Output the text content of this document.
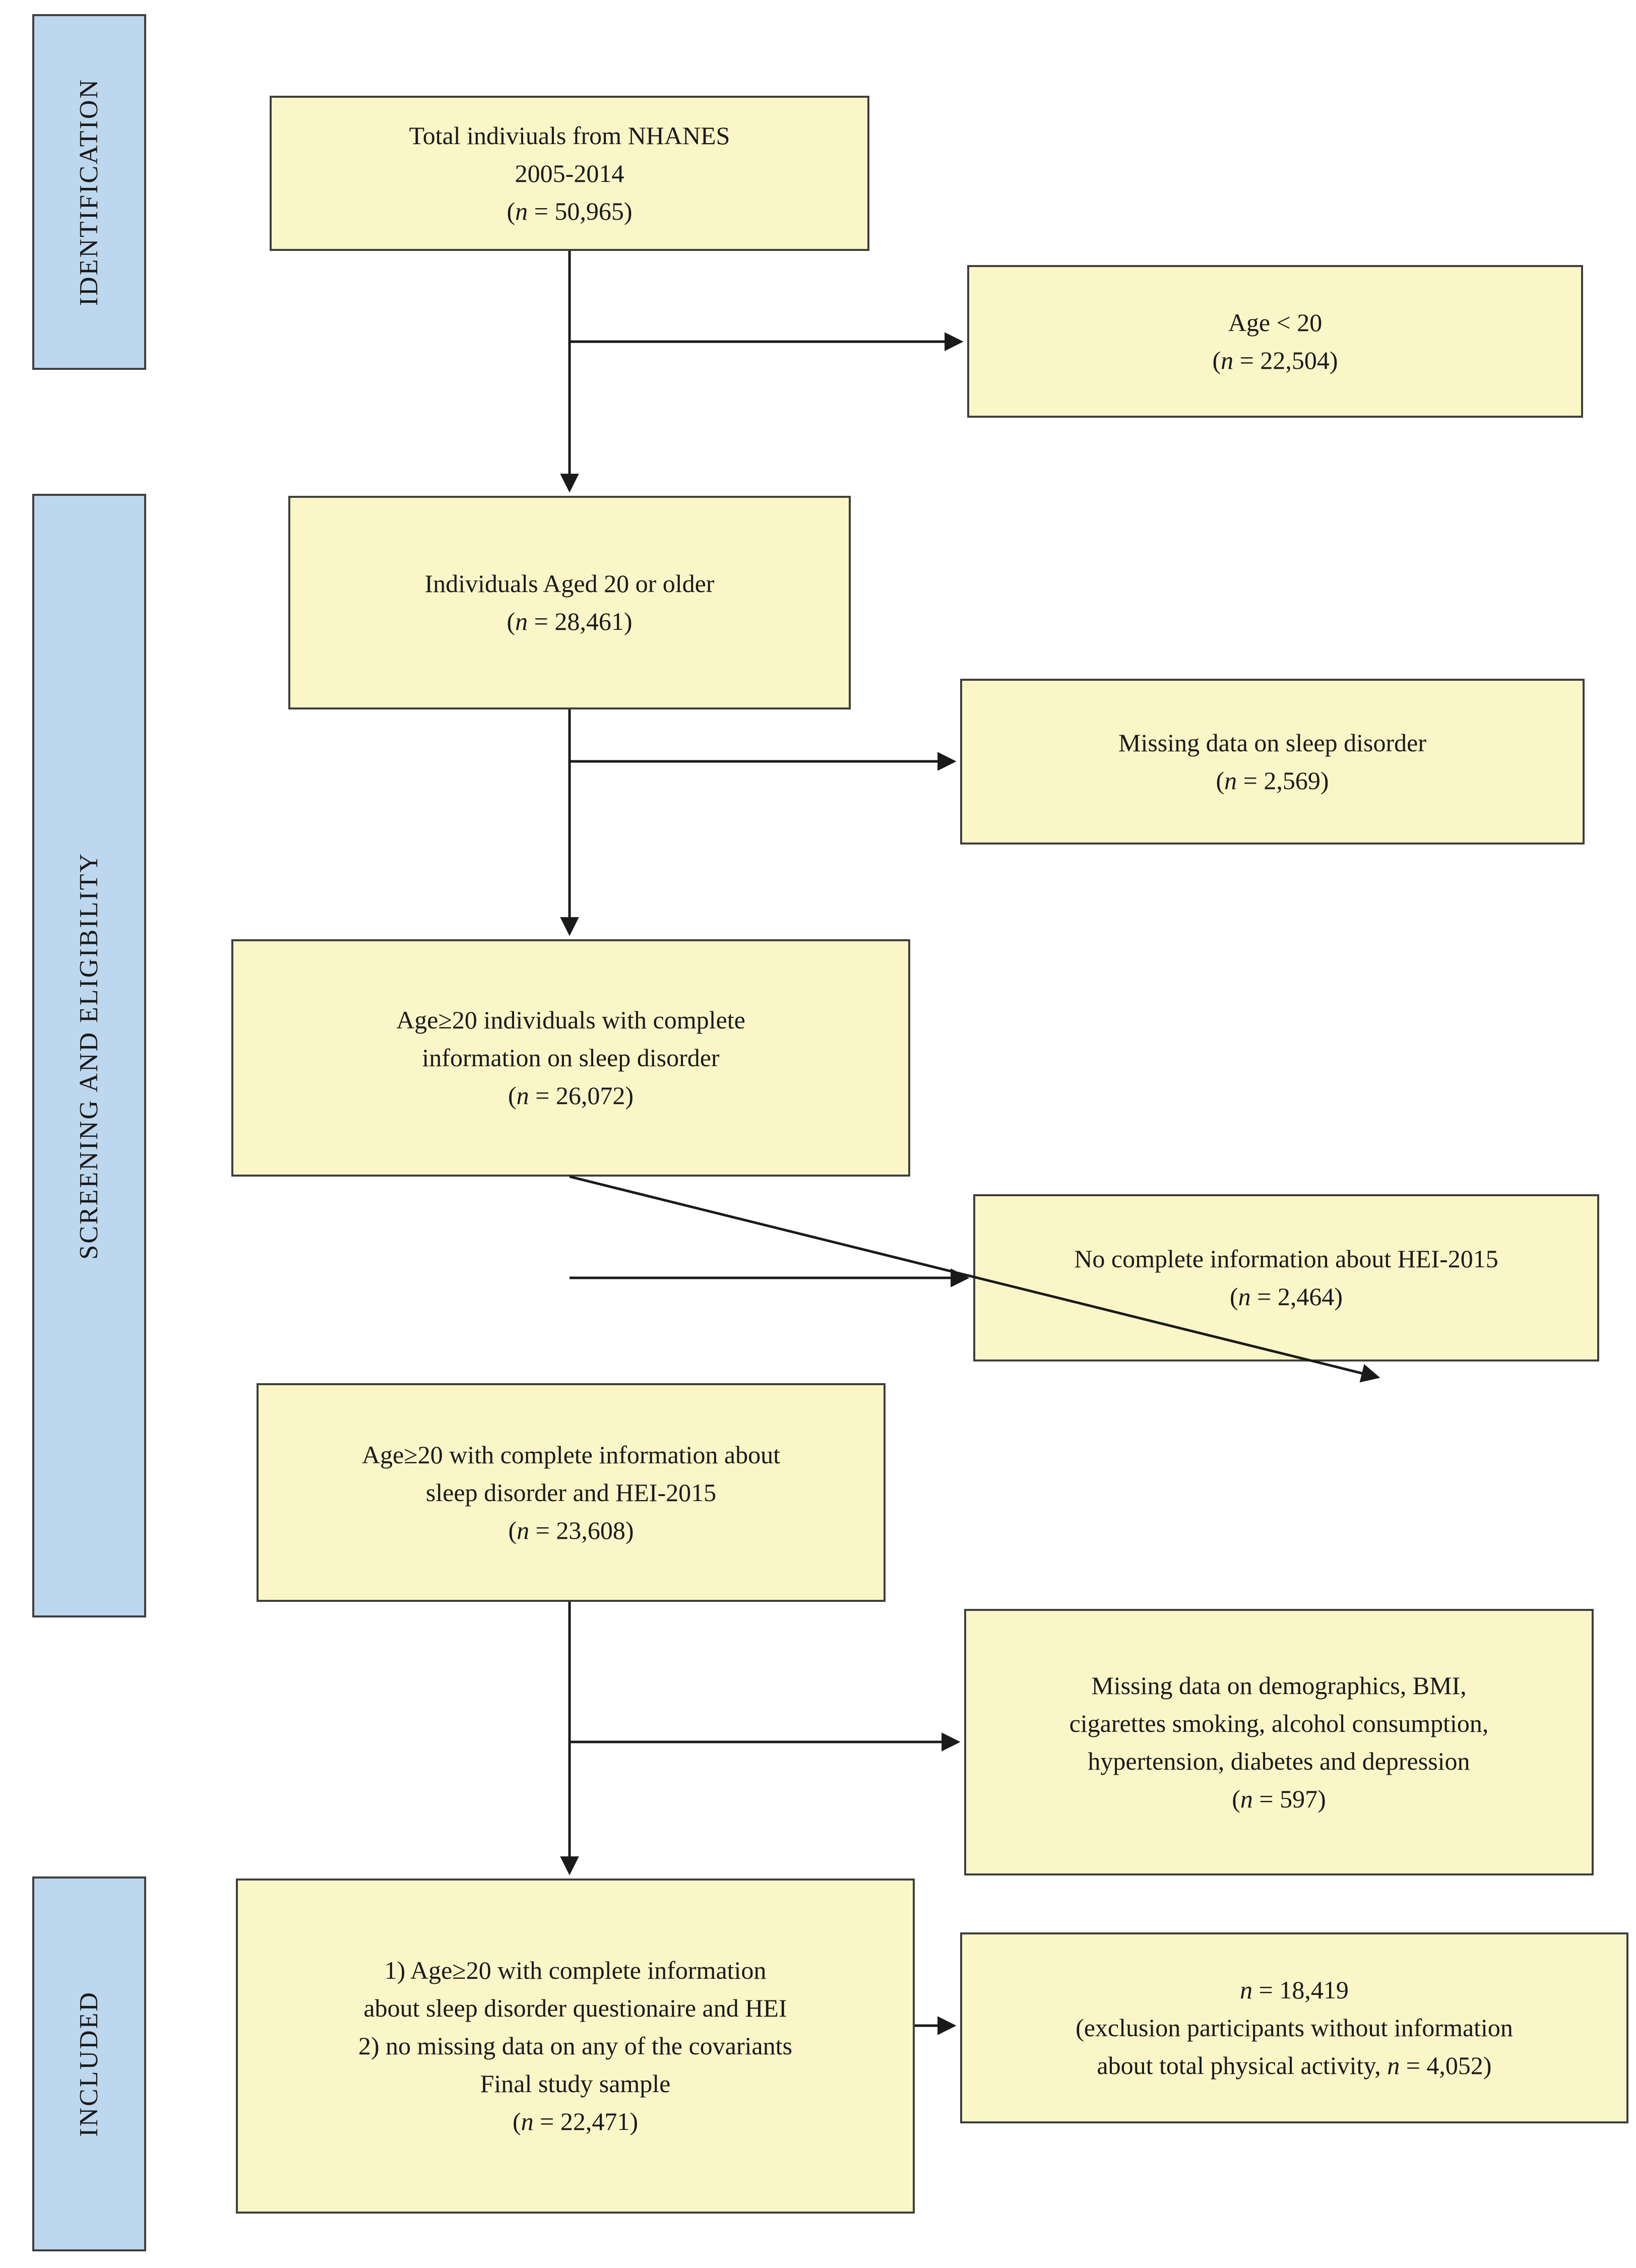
IDENTIFICATION
SCREENING AND ELIGIBILITY
INCLUDED
Total indiviuals from NHANES
2005-2014
(n = 50,965)
Individuals Aged 20 or older
(n = 28,461)
Age≥20 individuals with complete
information on sleep disorder
(n = 26,072)
Age≥20 with complete information about
sleep disorder and HEI-2015
(n = 23,608)
1) Age≥20 with complete information
about sleep disorder questionaire and HEI
2) no missing data on any of the covariants
Final study sample
(n = 22,471)
Age < 20
(n = 22,504)
Missing data on sleep disorder
(n = 2,569)
No complete information about HEI-2015
(n = 2,464)
Missing data on demographics, BMI,
cigarettes smoking, alcohol consumption,
hypertension, diabetes and depression
(n = 597)
n = 18,419
(exclusion participants without information
about total physical activity, n = 4,052)
